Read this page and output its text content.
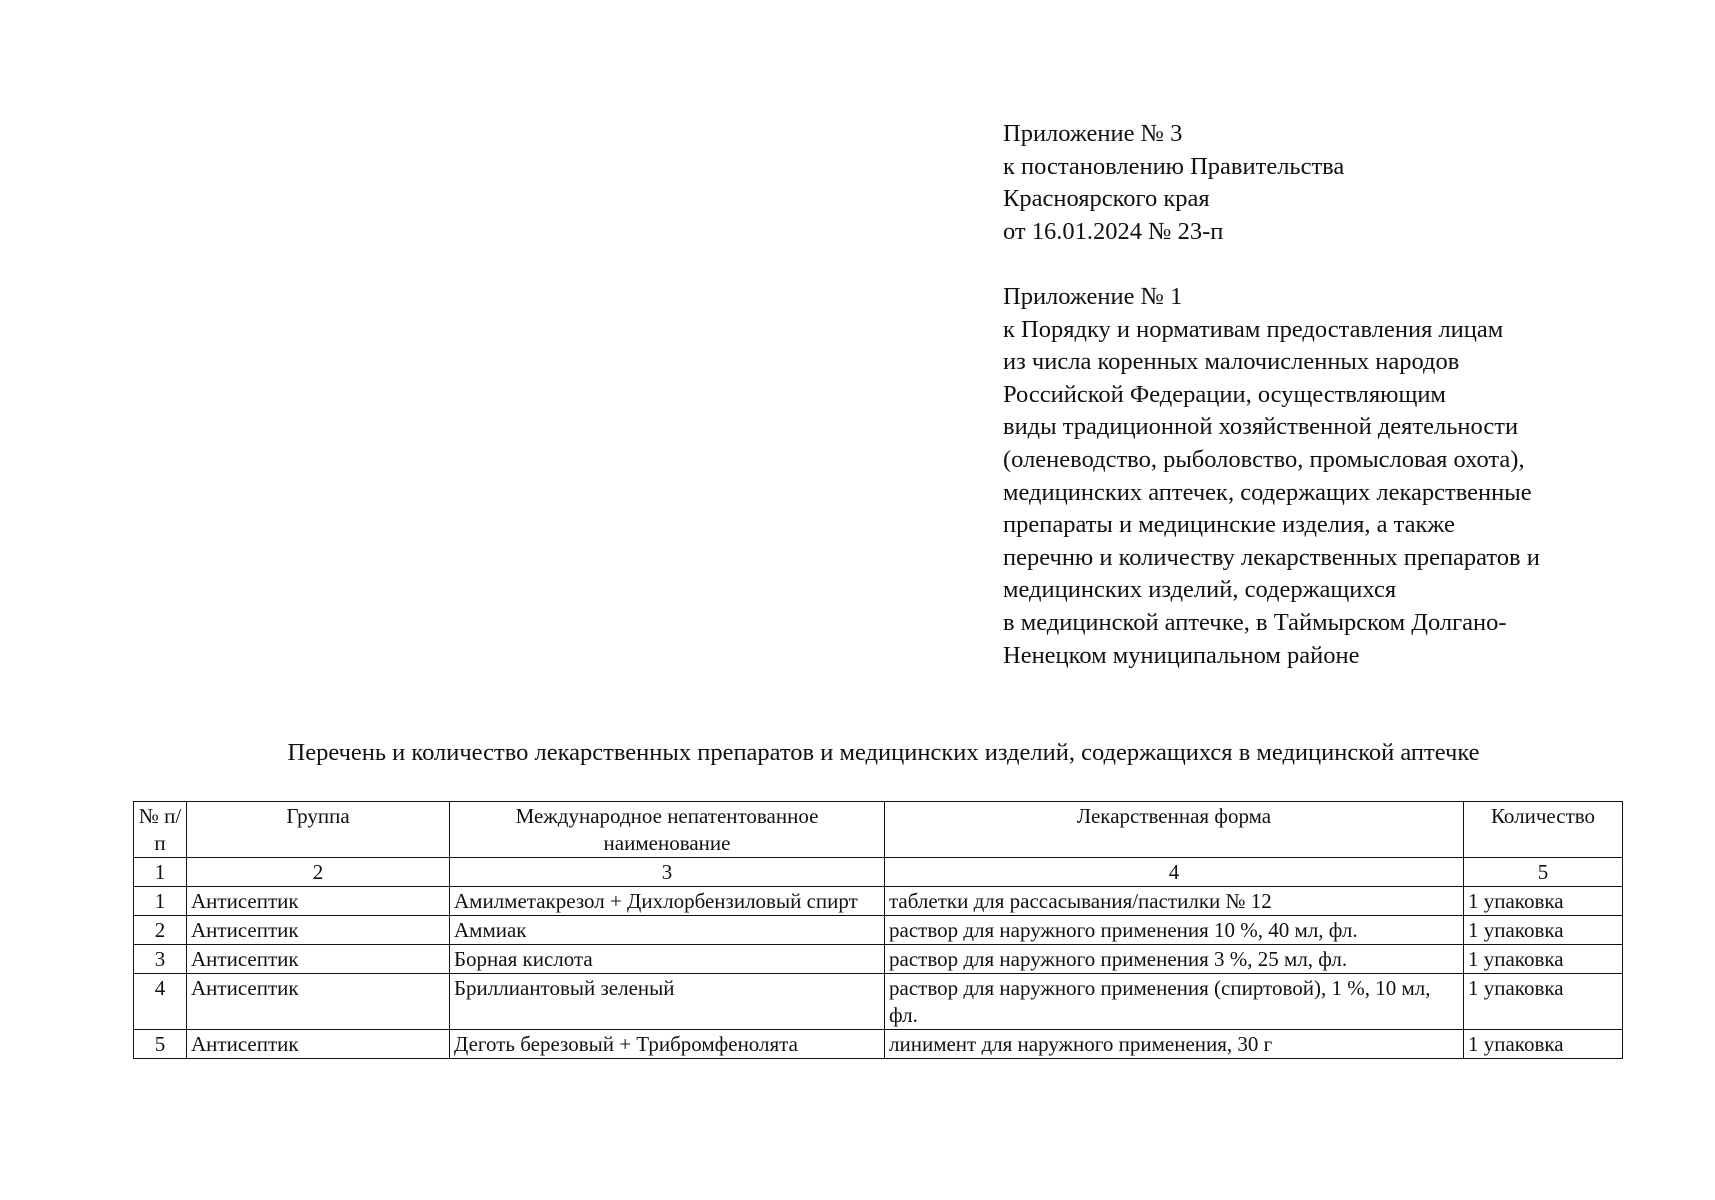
Приложение № 3
к постановлению Правительства
Красноярского края
от 16.01.2024 № 23-п
Приложение № 1
к Порядку и нормативам предоставления лицам
из числа коренных малочисленных народов
Российской Федерации, осуществляющим
виды традиционной хозяйственной деятельности
(оленеводство, рыболовство, промысловая охота),
медицинских аптечек, содержащих лекарственные
препараты и медицинские изделия, а также
перечню и количеству лекарственных препаратов и
медицинских изделий, содержащихся
в медицинской аптечке, в Таймырском Долгано-
Ненецком муниципальном районе
Перечень и количество лекарственных препаратов и медицинских изделий, содержащихся в медицинской аптечке
№ п/п	Группа	Международное непатентованное наименование	Лекарственная форма	Количество
1	2	3	4	5
1	Антисептик	Амилметакрезол + Дихлорбензиловый спирт	таблетки для рассасывания/пастилки № 12	1 упаковка
2	Антисептик	Аммиак	раствор для наружного применения 10 %, 40 мл, фл.	1 упаковка
3	Антисептик	Борная кислота	раствор для наружного применения 3 %, 25 мл, фл.	1 упаковка
4	Антисептик	Бриллиантовый зеленый	раствор для наружного применения (спиртовой), 1 %, 10 мл, фл.	1 упаковка
5	Антисептик	Деготь березовый + Трибромфенолята	линимент для наружного применения, 30 г	1 упаковка
